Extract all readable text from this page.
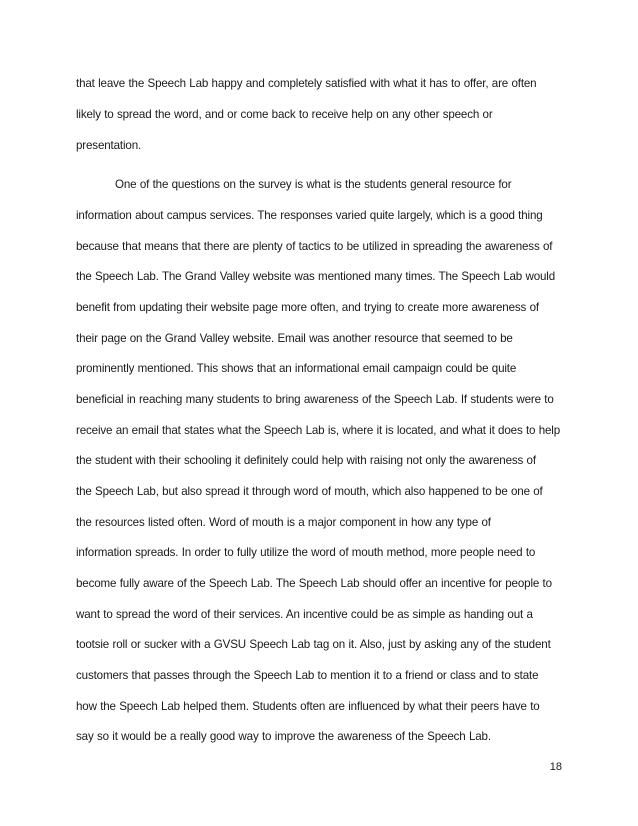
that leave the Speech Lab happy and completely satisfied with what it has to offer, are often
likely to spread the word, and or come back to receive help on any other speech or
presentation.
One of the questions on the survey is what is the students general resource for
information about campus services. The responses varied quite largely, which is a good thing
because that means that there are plenty of tactics to be utilized in spreading the awareness of
the Speech Lab. The Grand Valley website was mentioned many times. The Speech Lab would
benefit from updating their website page more often, and trying to create more awareness of
their page on the Grand Valley website. Email was another resource that seemed to be
prominently mentioned. This shows that an informational email campaign could be quite
beneficial in reaching many students to bring awareness of the Speech Lab. If students were to
receive an email that states what the Speech Lab is, where it is located, and what it does to help
the student with their schooling it definitely could help with raising not only the awareness of
the Speech Lab, but also spread it through word of mouth, which also happened to be one of
the resources listed often. Word of mouth is a major component in how any type of
information spreads. In order to fully utilize the word of mouth method, more people need to
become fully aware of the Speech Lab. The Speech Lab should offer an incentive for people to
want to spread the word of their services. An incentive could be as simple as handing out a
tootsie roll or sucker with a GVSU Speech Lab tag on it. Also, just by asking any of the student
customers that passes through the Speech Lab to mention it to a friend or class and to state
how the Speech Lab helped them. Students often are influenced by what their peers have to
say so it would be a really good way to improve the awareness of the Speech Lab.
18
